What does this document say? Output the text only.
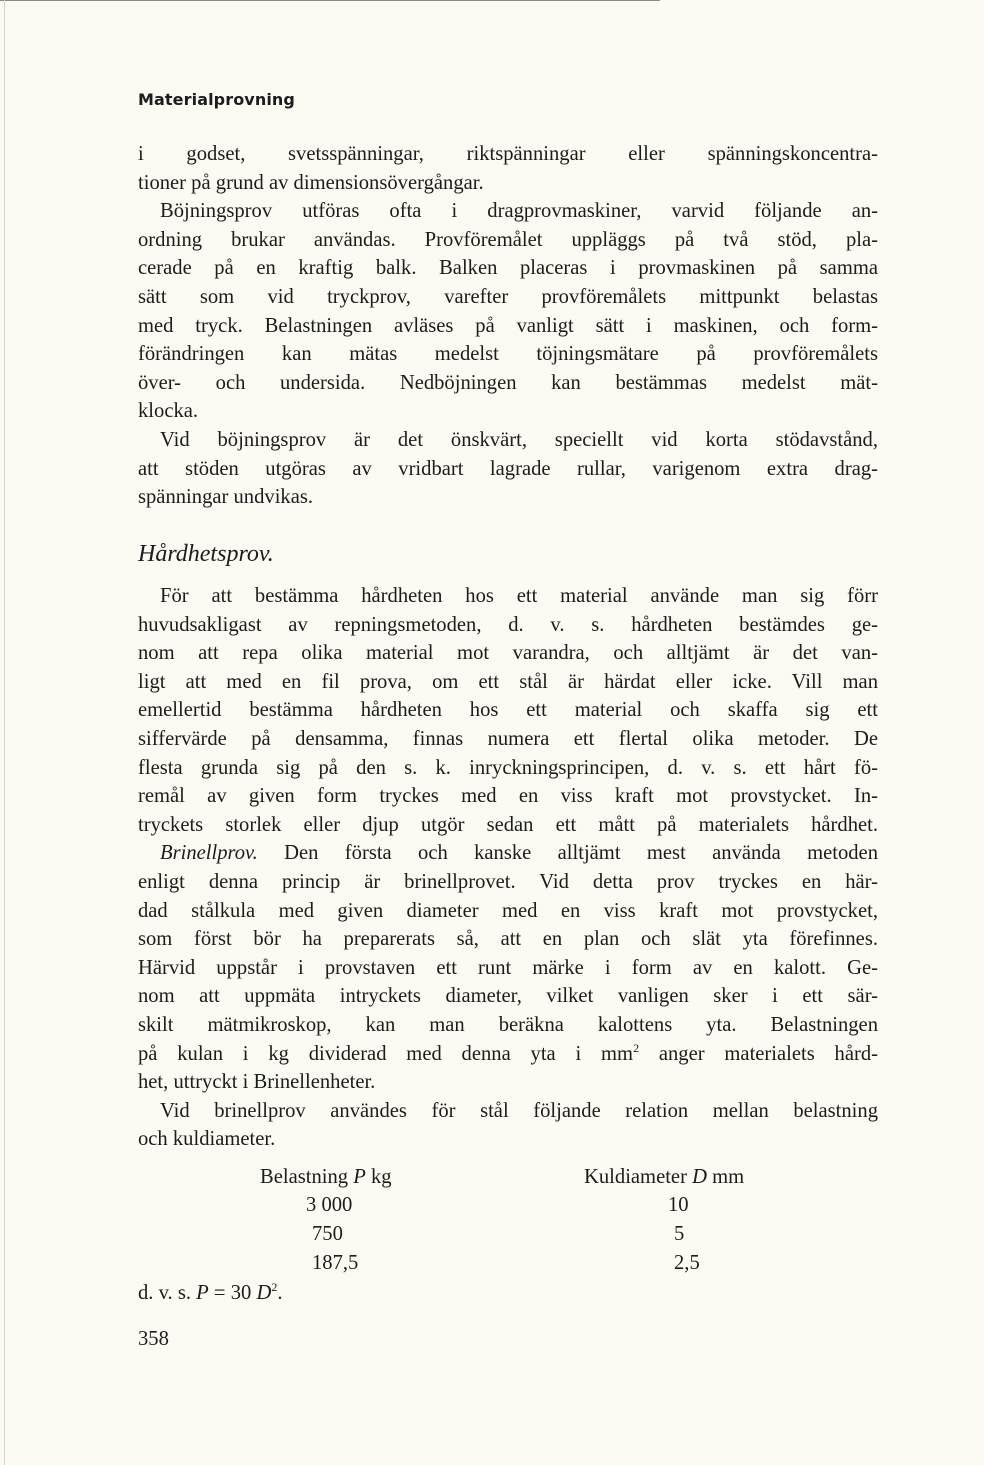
Materialprovning
i godset, svetsspänningar, riktspänningar eller spänningskoncentra-
tioner på grund av dimensionsövergångar.
Böjningsprov utföras ofta i dragprovmaskiner, varvid följande an-
ordning brukar användas. Provföremålet uppläggs på två stöd, pla-
cerade på en kraftig balk. Balken placeras i provmaskinen på samma
sätt som vid tryckprov, varefter provföremålets mittpunkt belastas
med tryck. Belastningen avläses på vanligt sätt i maskinen, och form-
förändringen kan mätas medelst töjningsmätare på provföremålets
över- och undersida. Nedböjningen kan bestämmas medelst mät-
klocka.
Vid böjningsprov är det önskvärt, speciellt vid korta stödavstånd,
att stöden utgöras av vridbart lagrade rullar, varigenom extra drag-
spänningar undvikas.
Hårdhetsprov.
För att bestämma hårdheten hos ett material använde man sig förr
huvudsakligast av repningsmetoden, d. v. s. hårdheten bestämdes ge-
nom att repa olika material mot varandra, och alltjämt är det van-
ligt att med en fil prova, om ett stål är härdat eller icke. Vill man
emellertid bestämma hårdheten hos ett material och skaffa sig ett
siffervärde på densamma, finnas numera ett flertal olika metoder. De
flesta grunda sig på den s. k. inryckningsprincipen, d. v. s. ett hårt fö-
remål av given form tryckes med en viss kraft mot provstycket. In-
tryckets storlek eller djup utgör sedan ett mått på materialets hårdhet.
Brinellprov. Den första och kanske alltjämt mest använda metoden
enligt denna princip är brinellprovet. Vid detta prov tryckes en här-
dad stålkula med given diameter med en viss kraft mot provstycket,
som först bör ha preparerats så, att en plan och slät yta förefinnes.
Härvid uppstår i provstaven ett runt märke i form av en kalott. Ge-
nom att uppmäta intryckets diameter, vilket vanligen sker i ett sär-
skilt mätmikroskop, kan man beräkna kalottens yta. Belastningen
på kulan i kg dividerad med denna yta i $mm^2$ anger materialets hård-
het, uttryckt i Brinellenheter.
Vid brinellprov användes för stål följande relation mellan belastning
och kuldiameter.
Belastning P kg	Kuldiameter D mm
3 000	10
750	5
187,5	2,5
d. v. s. P = 30 $D^2$.
358
